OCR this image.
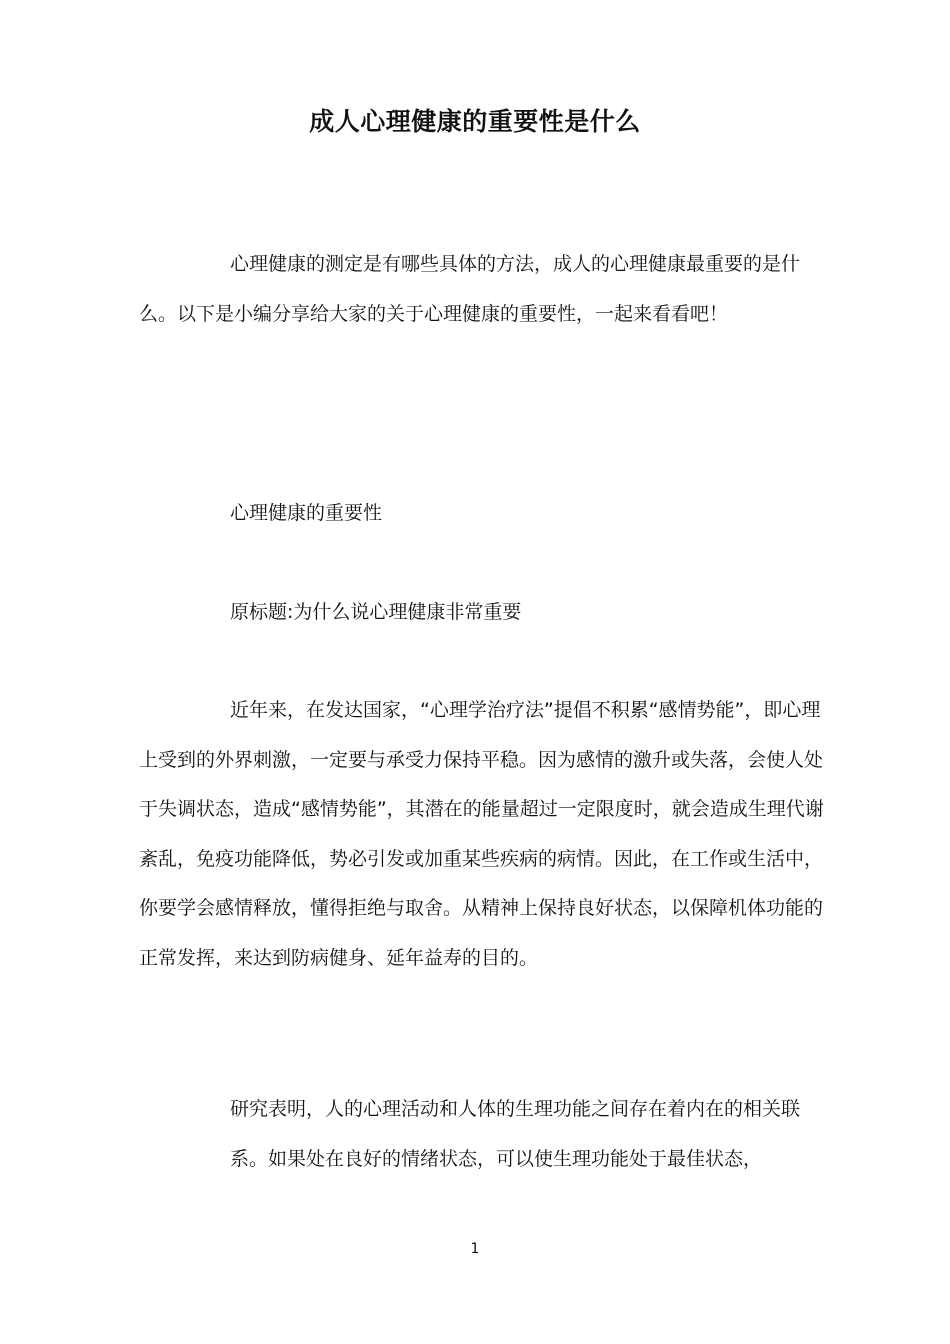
成人心理健康的重要性是什么

心理健康的测定是有哪些具体的方法，成人的心理健康最重要的是什么。以下是小编分享给大家的关于心理健康的重要性，一起来看看吧！

心理健康的重要性

原标题:为什么说心理健康非常重要

近年来，在发达国家，“心理学治疗法”提倡不积累“感情势能”，即心理上受到的外界刺激，一定要与承受力保持平稳。因为感情的激升或失落，会使人处于失调状态，造成“感情势能”，其潜在的能量超过一定限度时，就会造成生理代谢紊乱，免疫功能降低，势必引发或加重某些疾病的病情。因此，在工作或生活中，你要学会感情释放，懂得拒绝与取舍。从精神上保持良好状态，以保障机体功能的正常发挥，来达到防病健身、延年益寿的目的。

研究表明，人的心理活动和人体的生理功能之间存在着内在的相关联系。如果处在良好的情绪状态，可以使生理功能处于最佳状态，

1
